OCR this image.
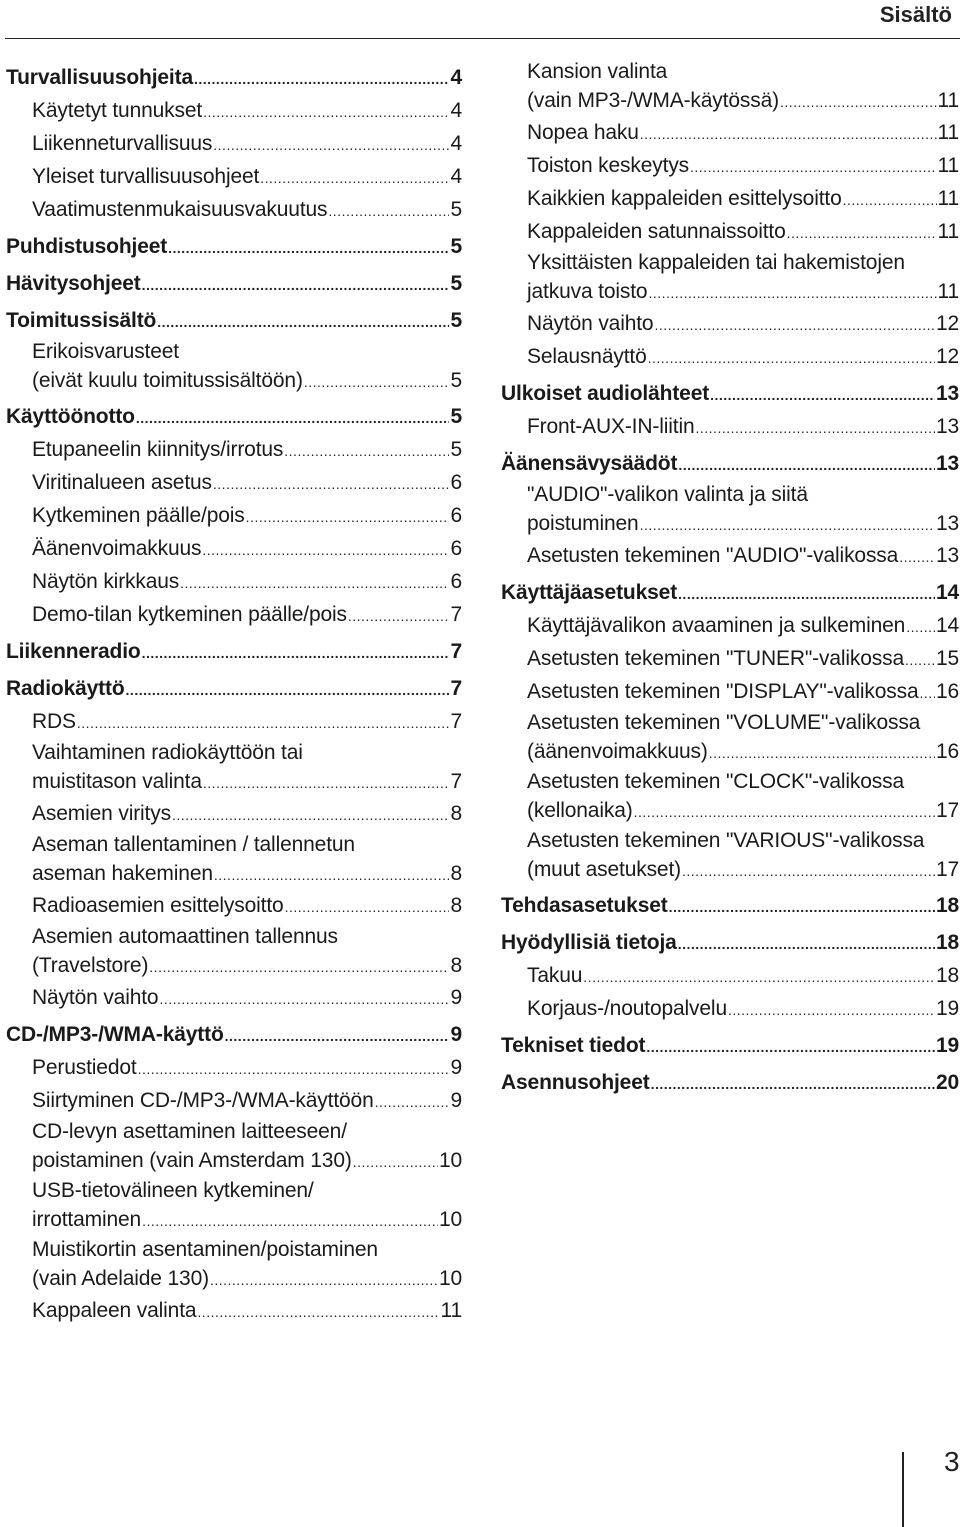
Sisältö
Turvallisuusohjeita .....	4
Käytetyt tunnukset .....	4
Liikenneturvallisuus .....	4
Yleiset turvallisuusohjeet .....	4
Vaatimustenmukaisuusvakuutus .....	5
Puhdistusohjeet .....	5
Hävitysohjeet .....	5
Toimitussisältö .....	5
Erikoisvarusteet
(eivät kuulu toimitussisältöön) .....	5
Käyttöönotto .....	5
Etupaneelin kiinnitys/irrotus .....	5
Viritinalueen asetus .....	6
Kytkeminen päälle/pois .....	6
Äänenvoimakkuus .....	6
Näytön kirkkaus .....	6
Demo-tilan kytkeminen päälle/pois .....	7
Liikenneradio .....	7
Radiokäyttö .....	7
RDS .....	7
Vaihtaminen radiokäyttöön tai
muistitason valinta .....	7
Asemien viritys .....	8
Aseman tallentaminen / tallennetun
aseman hakeminen .....	8
Radioasemien esittelysoitto .....	8
Asemien automaattinen tallennus
(Travelstore) .....	8
Näytön vaihto .....	9
CD-/MP3-/WMA-käyttö .....	9
Perustiedot .....	9
Siirtyminen CD-/MP3-/WMA-käyttöön .....	9
CD-levyn asettaminen laitteeseen/
poistaminen (vain Amsterdam 130) .....	10
USB-tietovälineen kytkeminen/
irrottaminen .....	10
Muistikortin asentaminen/poistaminen
(vain Adelaide 130) .....	10
Kappaleen valinta .....	11
Kansion valinta
(vain MP3-/WMA-käytössä) .....	11
Nopea haku .....	11
Toiston keskeytys .....	11
Kaikkien kappaleiden esittelysoitto .....	11
Kappaleiden satunnaissoitto .....	11
Yksittäisten kappaleiden tai hakemistojen
jatkuva toisto .....	11
Näytön vaihto .....	12
Selausnäyttö .....	12
Ulkoiset audiolähteet .....	13
Front-AUX-IN-liitin .....	13
Äänensävysäädöt .....	13
"AUDIO"-valikon valinta ja siitä
poistuminen .....	13
Asetusten tekeminen "AUDIO"-valikossa ..... 13
Käyttäjäasetukset .....	14
Käyttäjävalikon avaaminen ja sulkeminen ..... 14
Asetusten tekeminen "TUNER"-valikossa ..... 15
Asetusten tekeminen "DISPLAY"-valikossa ..... 16
Asetusten tekeminen "VOLUME"-valikossa
(äänenvoimakkuus) .....	16
Asetusten tekeminen "CLOCK"-valikossa
(kellonaika) .....	17
Asetusten tekeminen "VARIOUS"-valikossa
(muut asetukset) .....	17
Tehdasasetukset .....	18
Hyödyllisiä tietoja .....	18
Takuu .....	18
Korjaus-/noutopalvelu .....	19
Tekniset tiedot .....	19
Asennusohjeet .....	20
3
